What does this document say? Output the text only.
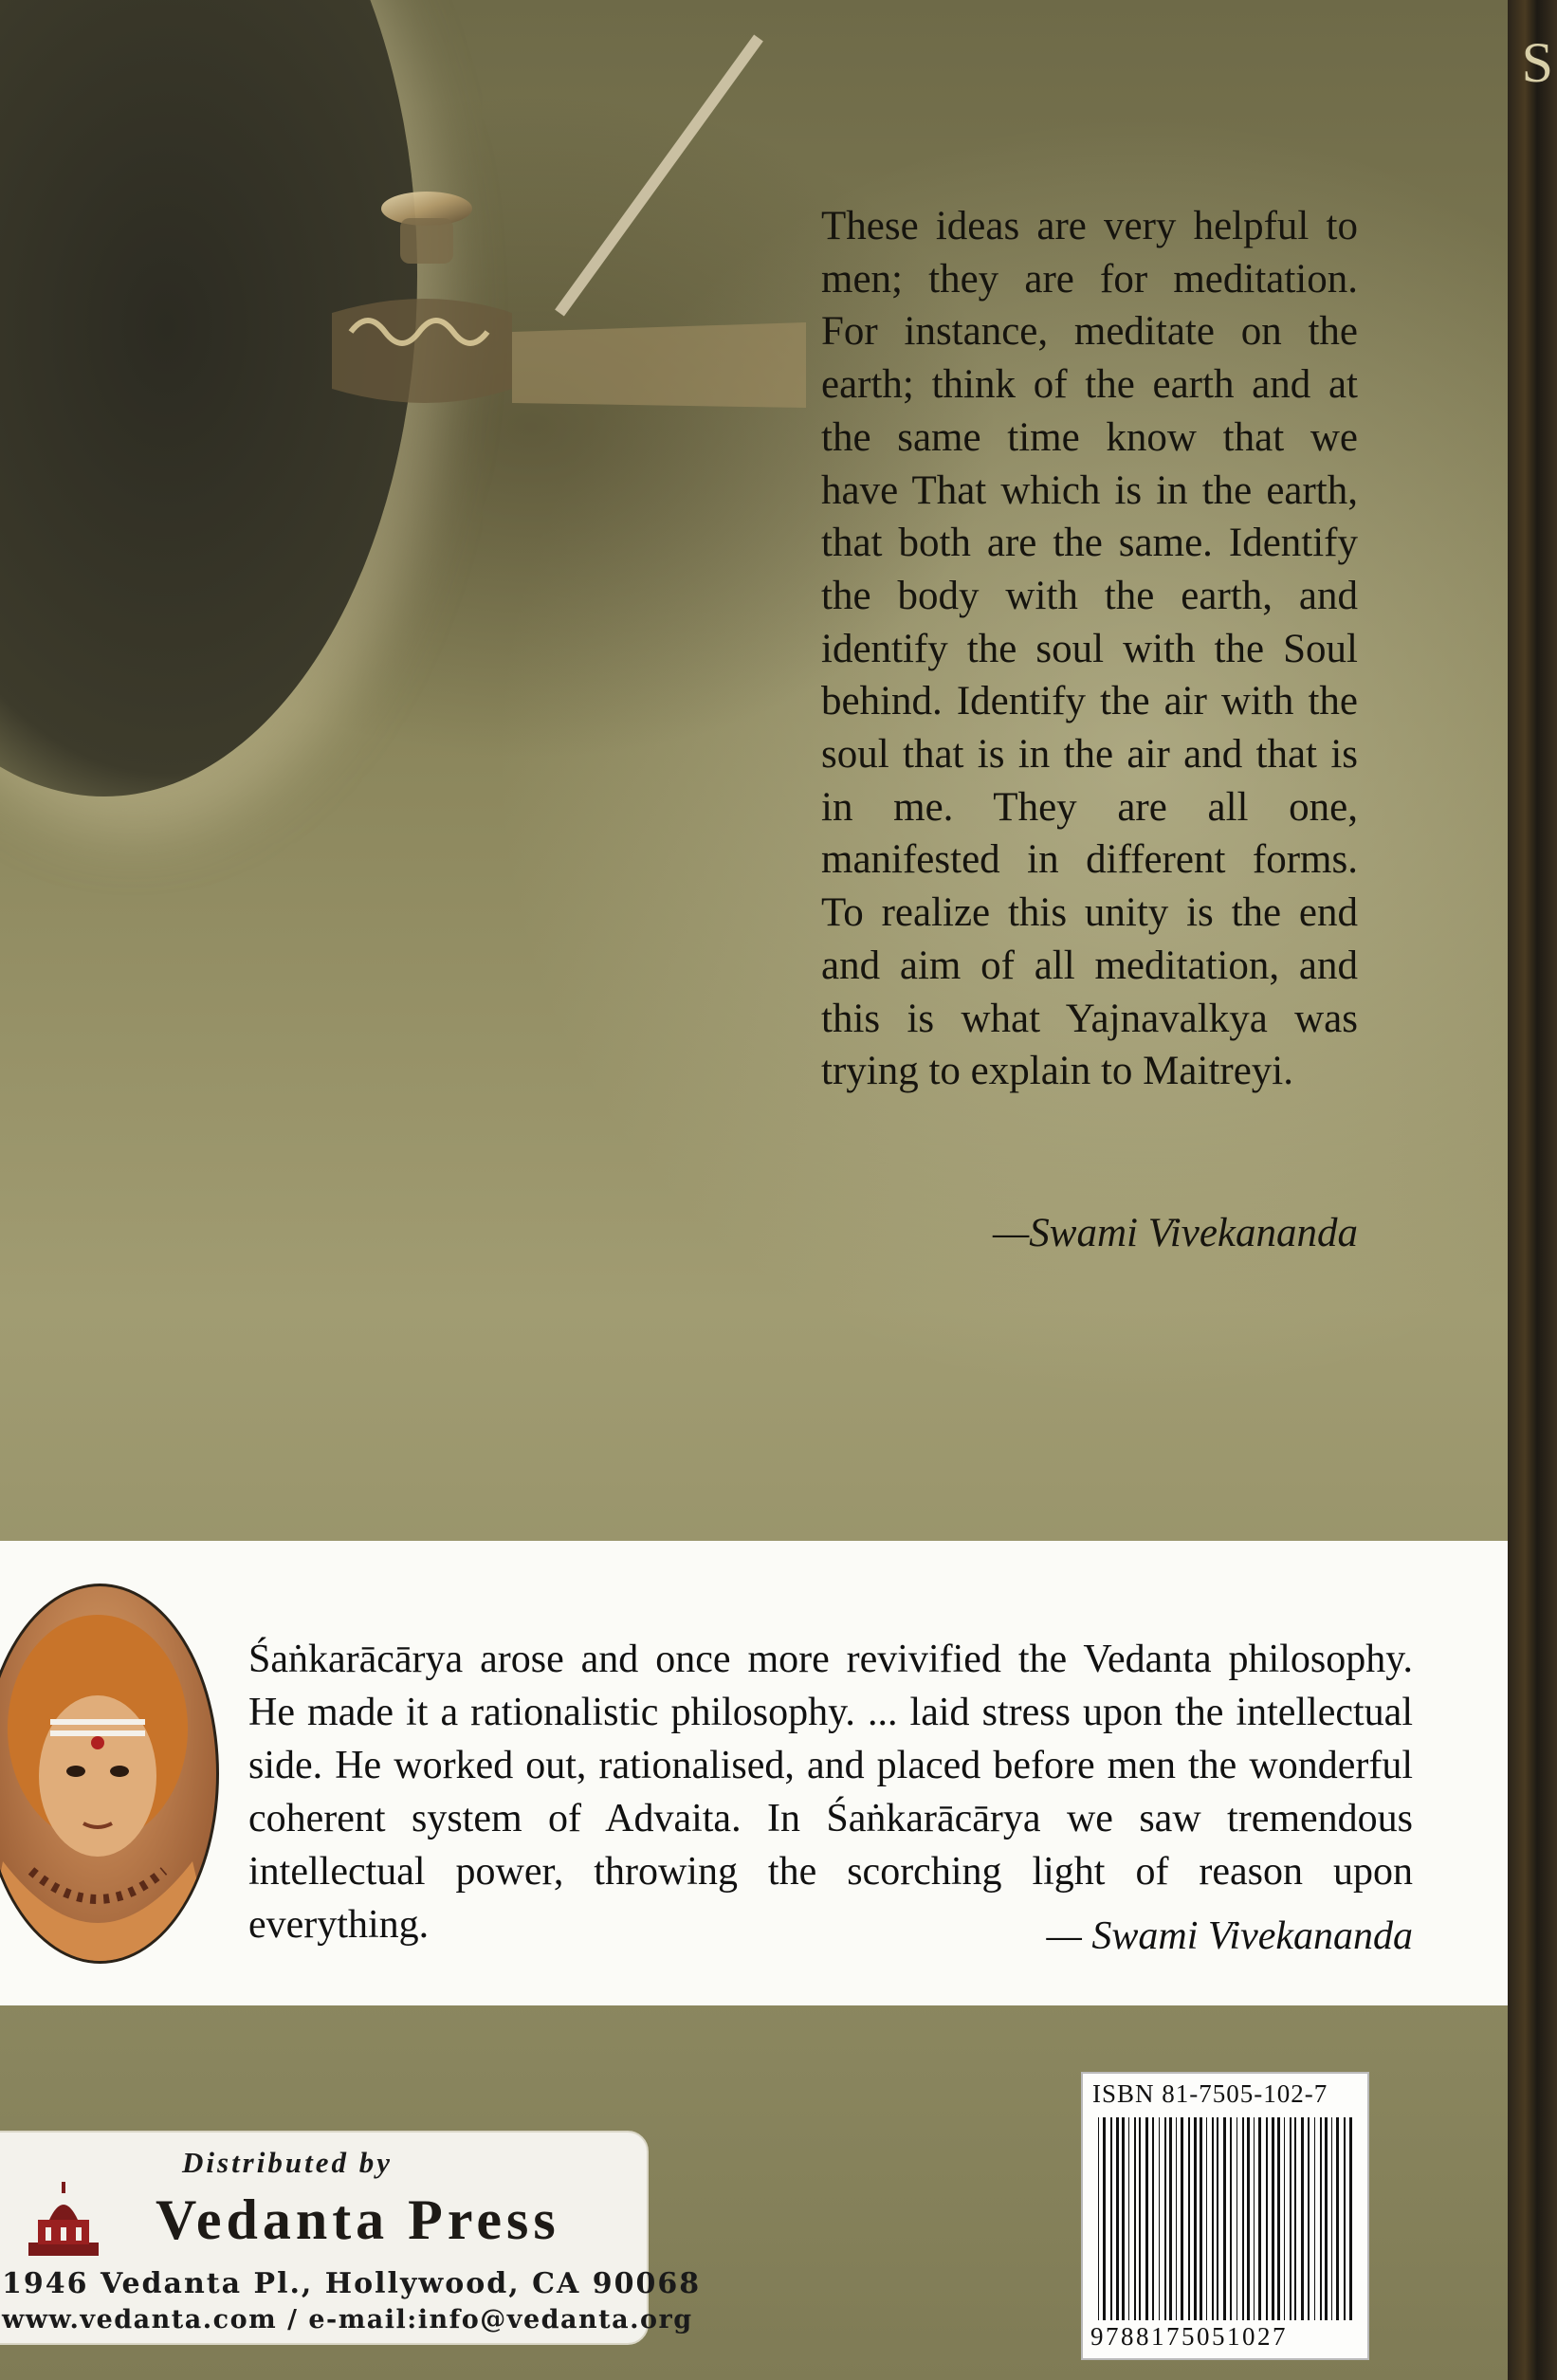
S

These ideas are very helpful to men; they are for meditation. For instance, meditate on the earth; think of the earth and at the same time know that we have That which is in the earth, that both are the same. Identify the body with the earth, and identify the soul with the Soul behind. Identify the air with the soul that is in the air and that is in me. They are all one, manifested in different forms. To realize this unity is the end and aim of all meditation, and this is what Yajnavalkya was trying to explain to Maitreyi.

—Swami Vivekananda

Śaṅkarācārya arose and once more revivified the Vedanta philosophy. He made it a rationalistic philosophy. ... laid stress upon the intellectual side. He worked out, rationalised, and placed before men the wonderful coherent system of Advaita. In Śaṅkarācārya we saw tremendous intellectual power, throwing the scorching light of reason upon everything.	— Swami Vivekananda
Distributed by
Vedanta Press
1946 Vedanta Pl., Hollywood, CA 90068
www.vedanta.com / e-mail:info@vedanta.org
ISBN 81-7505-102-7
9788175051027
